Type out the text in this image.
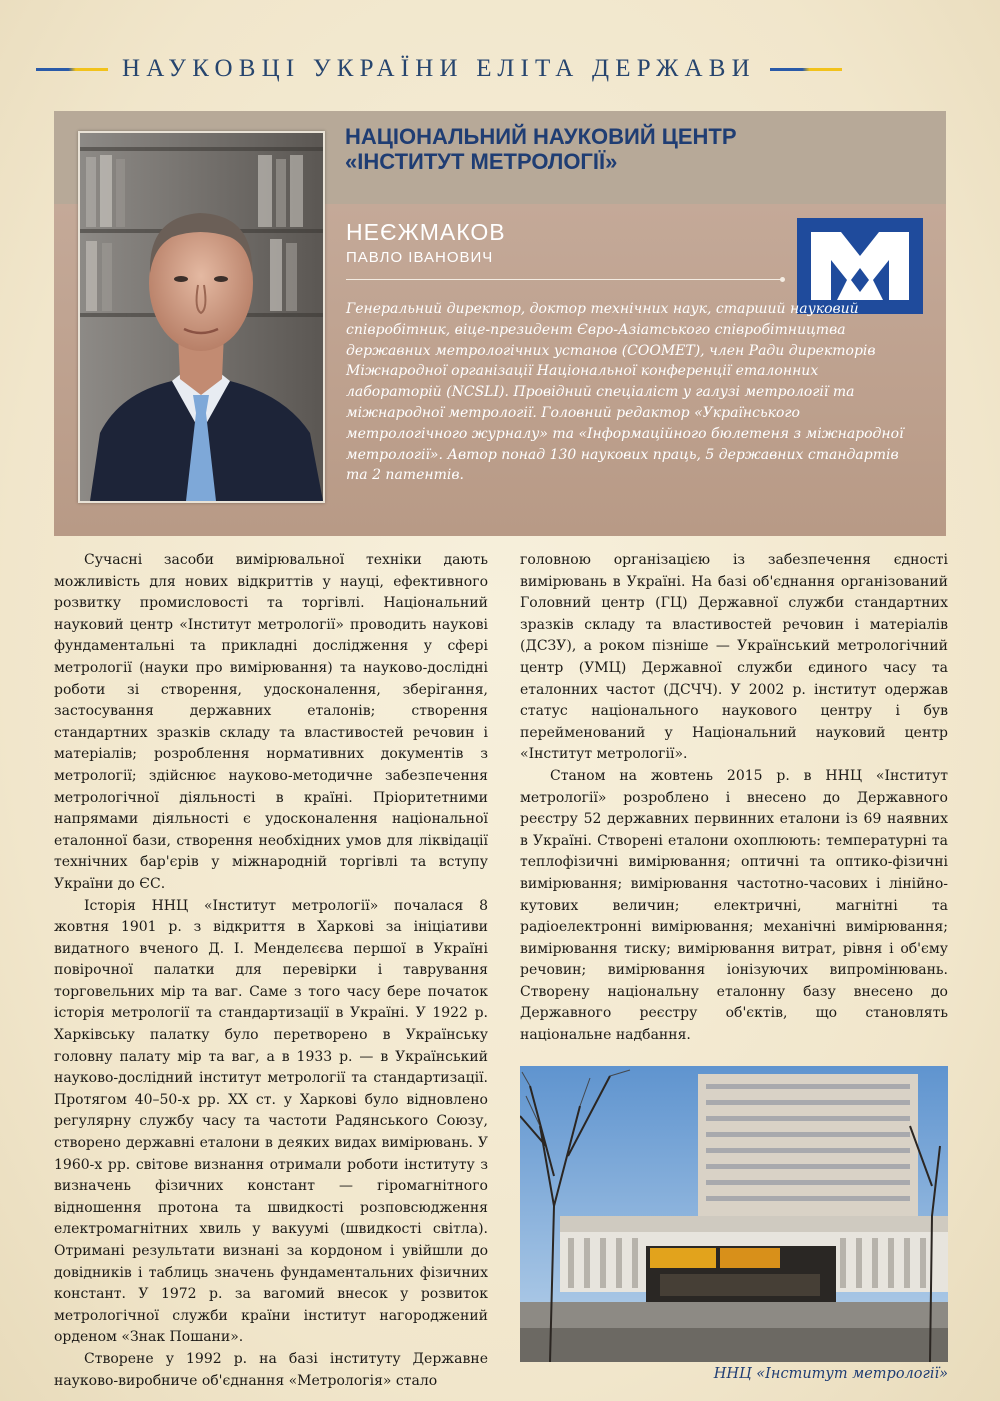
НАУКОВЦІ УКРАЇНИ ЕЛІТА ДЕРЖАВИ
НАЦІОНАЛЬНИЙ НАУКОВИЙ ЦЕНТР
«ІНСТИТУТ МЕТРОЛОГІЇ»
НЕЄЖМАКОВ
ПАВЛО ІВАНОВИЧ

Генеральний директор, доктор технічних наук, старший науковий співробітник, віце-президент Євро-Азіатського співробітництва державних метрологічних установ (COOMET), член Ради директорів Міжнародної організації Національної конференції еталонних лабораторій (NCSLI). Провідний спеціаліст у галузі метрології та міжнародної метрології. Головний редактор «Українського метрологічного журналу» та «Інформаційного бюлетеня з міжнародної метрології». Автор понад 130 наукових праць, 5 державних стандартів та 2 патентів.

Сучасні засоби вимірювальної техніки дають можливість для нових відкриттів у науці, ефективного розвитку промисловості та торгівлі. Національний науковий центр «Інститут метрології» проводить наукові фундаментальні та прикладні дослідження у сфері метрології (науки про вимірювання) та науково-дослідні роботи зі створення, удосконалення, зберігання, застосування державних еталонів; створення стандартних зразків складу та властивостей речовин і матеріалів; розроблення нормативних документів з метрології; здійснює науково-методичне забезпечення метрологічної діяльності в країні. Пріоритетними напрямами діяльності є удосконалення національної еталонної бази, створення необхідних умов для ліквідації технічних бар'єрів у міжнародній торгівлі та вступу України до ЄС.

Історія ННЦ «Інститут метрології» почалася 8 жовтня 1901 р. з відкриття в Харкові за ініціативи видатного вченого Д. І. Менделєєва першої в Україні повірочної палатки для перевірки і таврування торговельних мір та ваг. Саме з того часу бере початок історія метрології та стандартизації в Україні. У 1922 р. Харківську палатку було перетворено в Українську головну палату мір та ваг, а в 1933 р. — в Український науково-дослідний інститут метрології та стандартизації. Протягом 40–50-х рр. ХХ ст. у Харкові було відновлено регулярну службу часу та частоти Радянського Союзу, створено державні еталони в деяких видах вимірювань. У 1960-х рр. світове визнання отримали роботи інституту з визначень фізичних констант — гіромагнітного відношення протона та швидкості розповсюдження електромагнітних хвиль у вакуумі (швидкості світла). Отримані результати визнані за кордоном і увійшли до довідників і таблиць значень фундаментальних фізичних констант. У 1972 р. за вагомий внесок у розвиток метрологічної служби країни інститут нагороджений орденом «Знак Пошани».

Створене у 1992 р. на базі інституту Державне науково-виробниче об'єднання «Метрологія» стало

головною організацією із забезпечення єдності вимірювань в Україні. На базі об'єднання організований Головний центр (ГЦ) Державної служби стандартних зразків складу та властивостей речовин і матеріалів (ДСЗУ), а роком пізніше — Український метрологічний центр (УМЦ) Державної служби єдиного часу та еталонних частот (ДСЧЧ). У 2002 р. інститут одержав статус національного наукового центру і був перейменований у Національний науковий центр «Інститут метрології».

Станом на жовтень 2015 р. в ННЦ «Інститут метрології» розроблено і внесено до Державного реєстру 52 державних первинних еталони із 69 наявних в Україні. Створені еталони охоплюють: температурні та теплофізичні вимірювання; оптичні та оптико-фізичні вимірювання; вимірювання частотно-часових і лінійно-кутових величин; електричні, магнітні та радіоелектронні вимірювання; механічні вимірювання; вимірювання тиску; вимірювання витрат, рівня і об'єму речовин; вимірювання іонізуючих випромінювань. Створену національну еталонну базу внесено до Державного реєстру об'єктів, що становлять національне надбання.

ННЦ «Інститут метрології»
